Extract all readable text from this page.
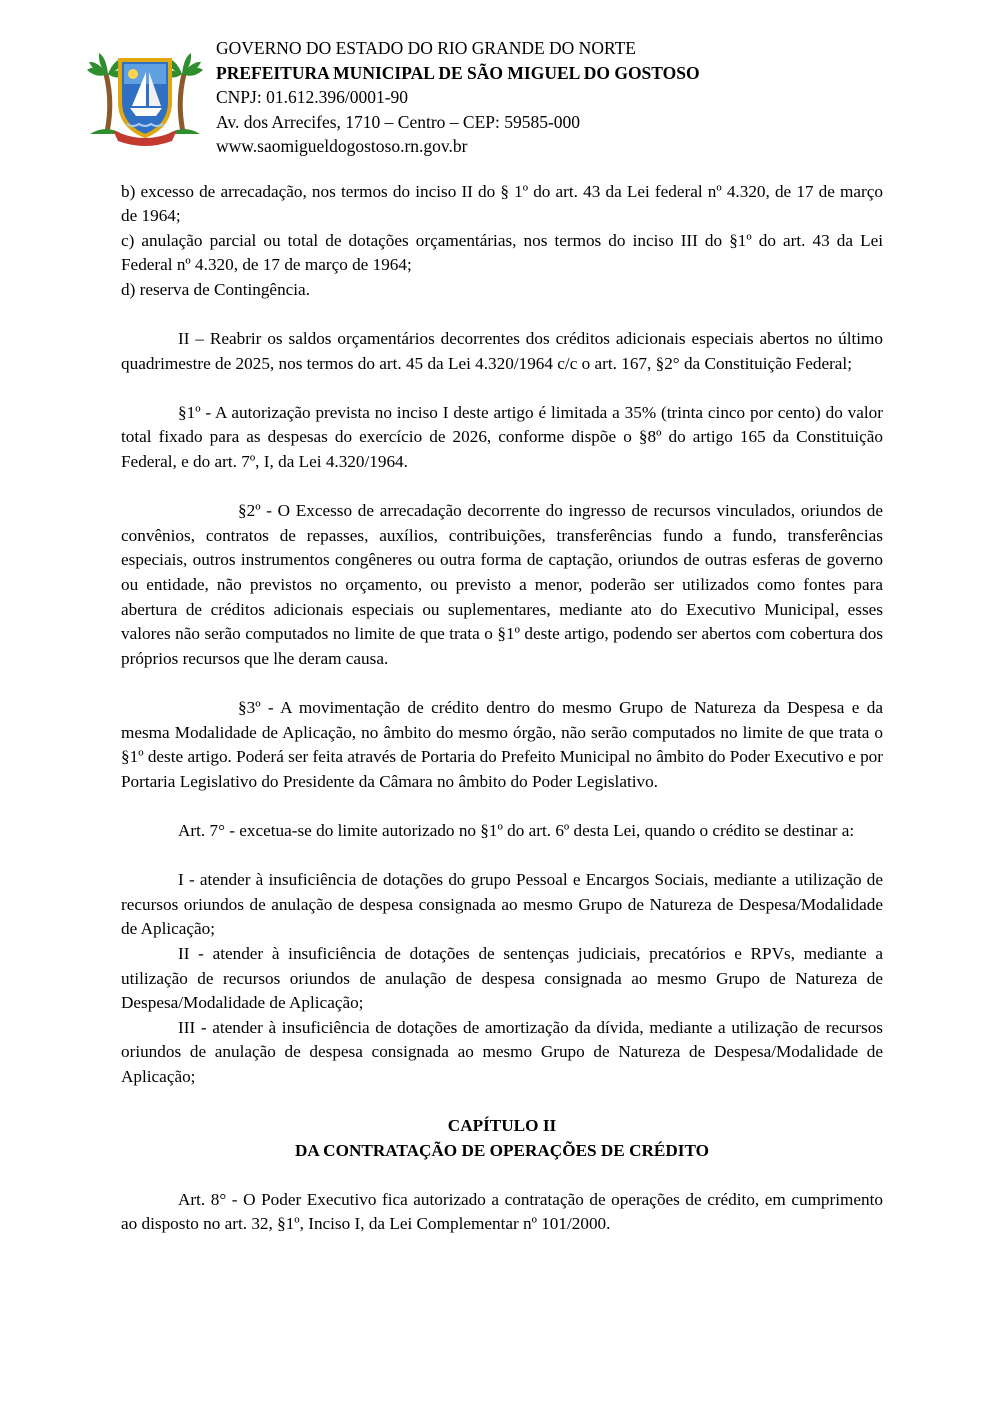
GOVERNO DO ESTADO DO RIO GRANDE DO NORTE
PREFEITURA MUNICIPAL DE SÃO MIGUEL DO GOSTOSO
CNPJ: 01.612.396/0001-90
Av. dos Arrecifes, 1710 – Centro – CEP: 59585-000
www.saomigueldogostoso.rn.gov.br

b) excesso de arrecadação, nos termos do inciso II do § 1º do art. 43 da Lei federal nº 4.320, de 17 de março de 1964;

c) anulação parcial ou total de dotações orçamentárias, nos termos do inciso III do §1º do art. 43 da Lei Federal nº 4.320, de 17 de março de 1964;

d) reserva de Contingência.

II – Reabrir os saldos orçamentários decorrentes dos créditos adicionais especiais abertos no último quadrimestre de 2025, nos termos do art. 45 da Lei 4.320/1964 c/c o art. 167, §2° da Constituição Federal;

§1º - A autorização prevista no inciso I deste artigo é limitada a 35% (trinta cinco por cento) do valor total fixado para as despesas do exercício de 2026, conforme dispõe o §8º do artigo 165 da Constituição Federal, e do art. 7º, I, da Lei 4.320/1964.

§2º - O Excesso de arrecadação decorrente do ingresso de recursos vinculados, oriundos de convênios, contratos de repasses, auxílios, contribuições, transferências fundo a fundo, transferências especiais, outros instrumentos congêneres ou outra forma de captação, oriundos de outras esferas de governo ou entidade, não previstos no orçamento, ou previsto a menor, poderão ser utilizados como fontes para abertura de créditos adicionais especiais ou suplementares, mediante ato do Executivo Municipal, esses valores não serão computados no limite de que trata o §1º deste artigo, podendo ser abertos com cobertura dos próprios recursos que lhe deram causa.

§3º - A movimentação de crédito dentro do mesmo Grupo de Natureza da Despesa e da mesma Modalidade de Aplicação, no âmbito do mesmo órgão, não serão computados no limite de que trata o §1º deste artigo. Poderá ser feita através de Portaria do Prefeito Municipal no âmbito do Poder Executivo e por Portaria Legislativo do Presidente da Câmara no âmbito do Poder Legislativo.

Art. 7° - excetua-se do limite autorizado no §1º do art. 6º desta Lei, quando o crédito se destinar a:

I - atender à insuficiência de dotações do grupo Pessoal e Encargos Sociais, mediante a utilização de recursos oriundos de anulação de despesa consignada ao mesmo Grupo de Natureza de Despesa/Modalidade de Aplicação;

II - atender à insuficiência de dotações de sentenças judiciais, precatórios e RPVs, mediante a utilização de recursos oriundos de anulação de despesa consignada ao mesmo Grupo de Natureza de Despesa/Modalidade de Aplicação;

III - atender à insuficiência de dotações de amortização da dívida, mediante a utilização de recursos oriundos de anulação de despesa consignada ao mesmo Grupo de Natureza de Despesa/Modalidade de Aplicação;

CAPÍTULO II

DA CONTRATAÇÃO DE OPERAÇÕES DE CRÉDITO

Art. 8° - O Poder Executivo fica autorizado a contratação de operações de crédito, em cumprimento ao disposto no art. 32, §1º, Inciso I, da Lei Complementar nº 101/2000.
